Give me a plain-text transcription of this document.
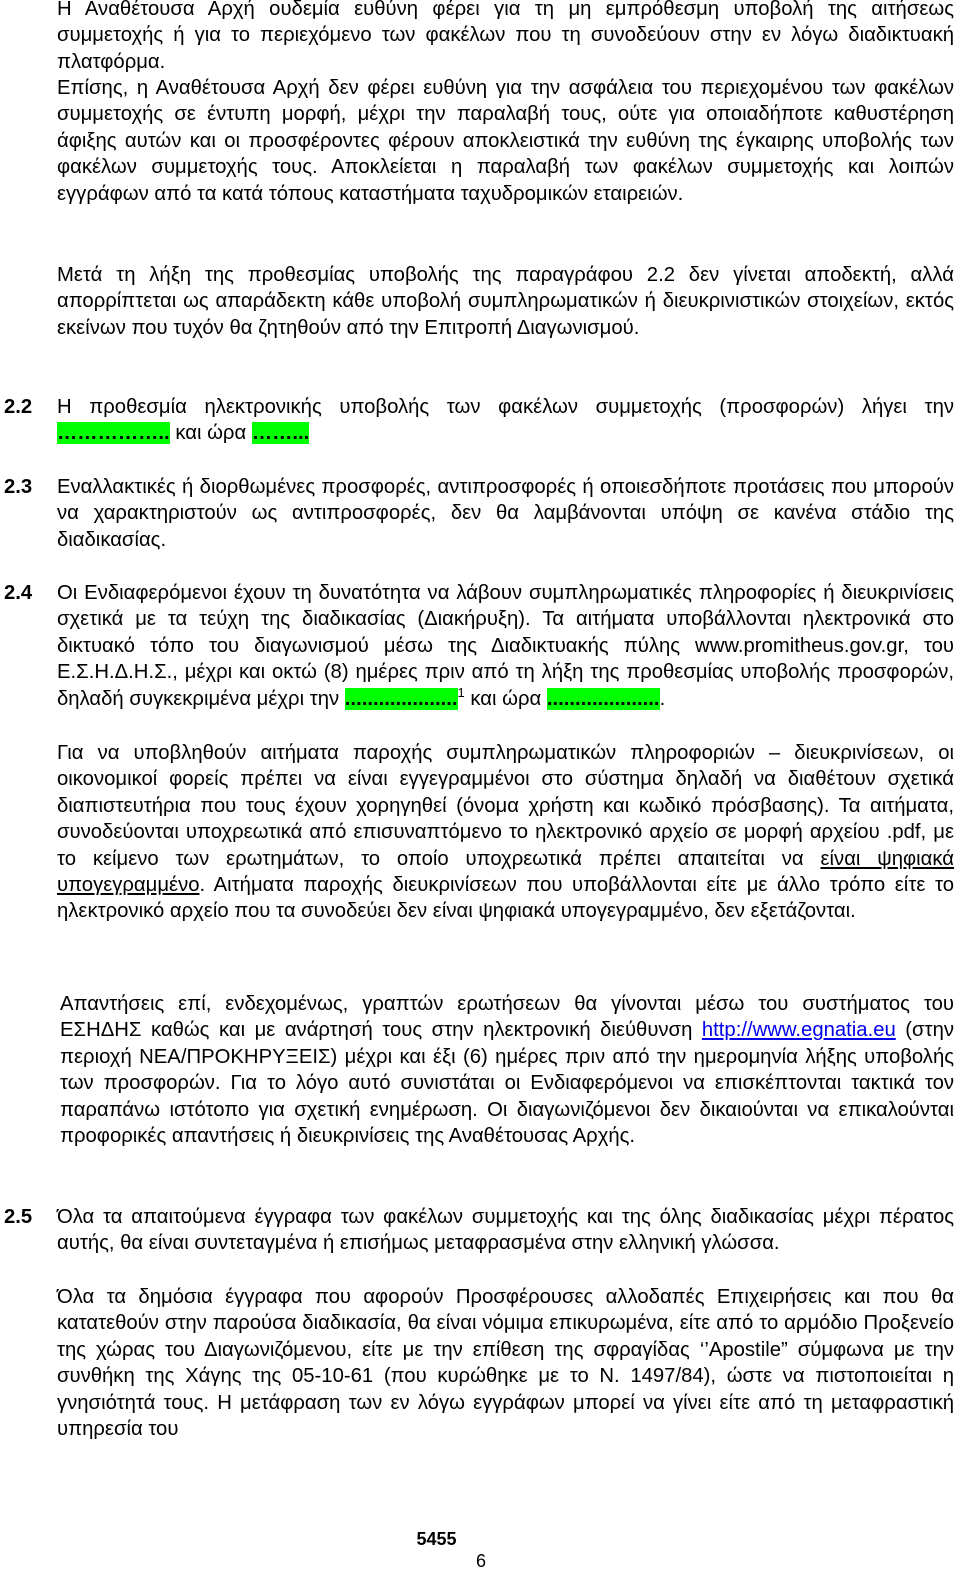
Η Αναθέτουσα Αρχή ουδεμία ευθύνη φέρει για τη μη εμπρόθεσμη υποβολή της αιτήσεως συμμετοχής ή για το περιεχόμενο των φακέλων που τη συνοδεύουν στην εν λόγω διαδικτυακή πλατφόρμα.

Επίσης, η Αναθέτουσα Αρχή δεν φέρει ευθύνη για την ασφάλεια του περιεχομένου των φακέλων συμμετοχής σε έντυπη μορφή, μέχρι την παραλαβή τους, ούτε για οποιαδήποτε καθυστέρηση άφιξης αυτών και οι προσφέροντες φέρουν αποκλειστικά την ευθύνη της έγκαιρης υποβολής των φακέλων συμμετοχής τους. Αποκλείεται η παραλαβή των φακέλων συμμετοχής και λοιπών εγγράφων από τα κατά τόπους καταστήματα ταχυδρομικών εταιρειών.

Μετά τη λήξη της προθεσμίας υποβολής της παραγράφου 2.2 δεν γίνεται αποδεκτή, αλλά απορρίπτεται ως απαράδεκτη κάθε υποβολή συμπληρωματικών ή διευκρινιστικών στοιχείων, εκτός εκείνων που τυχόν θα ζητηθούν από την Επιτροπή Διαγωνισμού.

2.2 Η προθεσμία ηλεκτρονικής υποβολής των φακέλων συμμετοχής (προσφορών) λήγει την …………….. και ώρα ……...

2.3 Εναλλακτικές ή διορθωμένες προσφορές, αντιπροσφορές ή οποιεσδήποτε προτάσεις που μπορούν να χαρακτηριστούν ως αντιπροσφορές, δεν θα λαμβάνονται υπόψη σε κανένα στάδιο της διαδικασίας.

2.4 Οι Ενδιαφερόμενοι έχουν τη δυνατότητα να λάβουν συμπληρωματικές πληροφορίες ή διευκρινίσεις σχετικά με τα τεύχη της διαδικασίας (Διακήρυξη). Τα αιτήματα υποβάλλονται ηλεκτρονικά στο δικτυακό τόπο του διαγωνισμού μέσω της Διαδικτυακής πύλης www.promitheus.gov.gr, του Ε.Σ.Η.Δ.Η.Σ., μέχρι και οκτώ (8) ημέρες πριν από τη λήξη της προθεσμίας υποβολής προσφορών, δηλαδή συγκεκριμένα μέχρι την ....................$^1$ και ώρα .....................

Για να υποβληθούν αιτήματα παροχής συμπληρωματικών πληροφοριών – διευκρινίσεων, οι οικονομικοί φορείς πρέπει να είναι εγγεγραμμένοι στο σύστημα δηλαδή να διαθέτουν σχετικά διαπιστευτήρια που τους έχουν χορηγηθεί (όνομα χρήστη και κωδικό πρόσβασης). Τα αιτήματα, συνοδεύονται υποχρεωτικά από επισυναπτόμενο το ηλεκτρονικό αρχείο σε μορφή αρχείου .pdf, με το κείμενο των ερωτημάτων, το οποίο υποχρεωτικά πρέπει απαιτείται να είναι ψηφιακά υπογεγραμμένο. Αιτήματα παροχής διευκρινίσεων που υποβάλλονται είτε με άλλο τρόπο είτε το ηλεκτρονικό αρχείο που τα συνοδεύει δεν είναι ψηφιακά υπογεγραμμένο, δεν εξετάζονται.

Απαντήσεις επί, ενδεχομένως, γραπτών ερωτήσεων θα γίνονται μέσω του συστήματος του ΕΣΗΔΗΣ καθώς και με ανάρτησή τους στην ηλεκτρονική διεύθυνση http://www.egnatia.eu (στην περιοχή ΝΕΑ/ΠΡΟΚΗΡΥΞΕΙΣ) μέχρι και έξι (6) ημέρες πριν από την ημερομηνία λήξης υποβολής των προσφορών. Για το λόγο αυτό συνιστάται οι Ενδιαφερόμενοι να επισκέπτονται τακτικά τον παραπάνω ιστότοπο για σχετική ενημέρωση. Οι διαγωνιζόμενοι δεν δικαιούνται να επικαλούνται προφορικές απαντήσεις ή διευκρινίσεις της Αναθέτουσας Αρχής.

2.5 Όλα τα απαιτούμενα έγγραφα των φακέλων συμμετοχής και της όλης διαδικασίας μέχρι πέρατος αυτής, θα είναι συντεταγμένα ή επισήμως μεταφρασμένα στην ελληνική γλώσσα.

Όλα τα δημόσια έγγραφα που αφορούν Προσφέρουσες αλλοδαπές Επιχειρήσεις και που θα κατατεθούν στην παρούσα διαδικασία, θα είναι νόμιμα επικυρωμένα, είτε από το αρμόδιο Προξενείο της χώρας του Διαγωνιζόμενου, είτε με την επίθεση της σφραγίδας ‘’Apostile” σύμφωνα με την συνθήκη της Χάγης της 05-10-61 (που κυρώθηκε με το Ν. 1497/84), ώστε να πιστοποιείται η γνησιότητά τους. Η μετάφραση των εν λόγω εγγράφων μπορεί να γίνει είτε από τη μεταφραστική υπηρεσία του

5455

6
